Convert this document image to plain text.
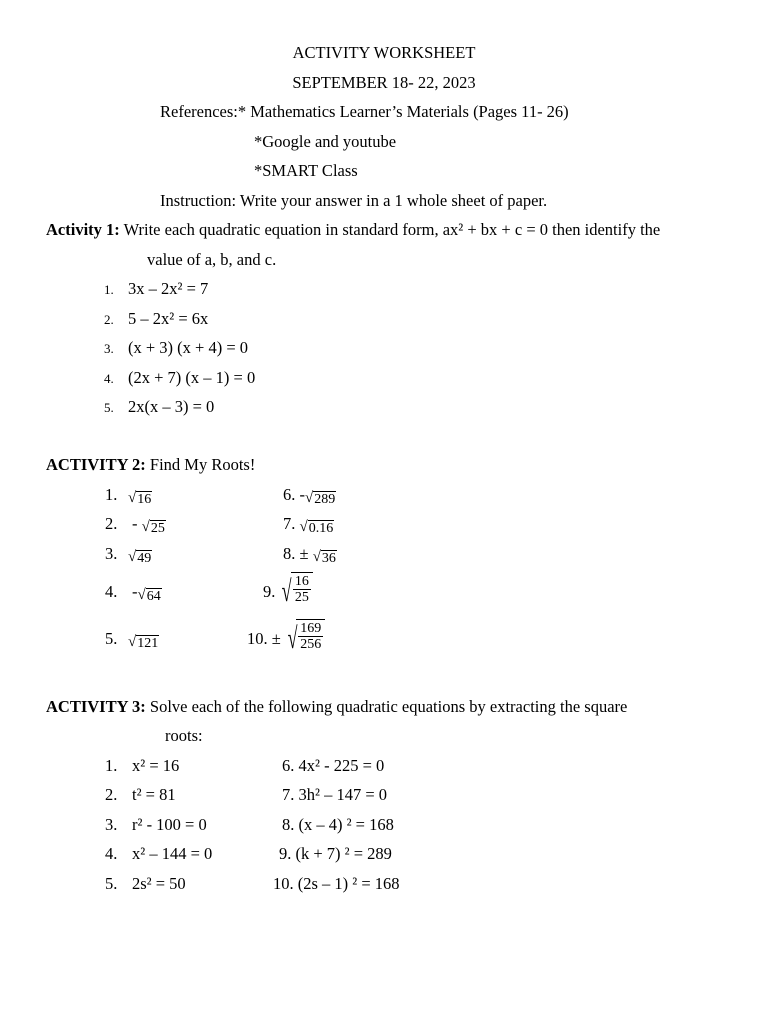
ACTIVITY WORKSHEET
SEPTEMBER 18- 22, 2023
References:* Mathematics Learner’s Materials (Pages 11- 26)
*Google and youtube
*SMART Class
Instruction: Write your answer in a 1 whole sheet of paper.
Activity 1: Write each quadratic equation in standard form, ax² + bx + c = 0 then identify the
value of a, b, and c.
1. 3x – 2x² = 7
2. 5 – 2x² = 6x
3. (x + 3) (x + 4) = 0
4. (2x + 7) (x – 1) = 0
5. 2x(x – 3) = 0
ACTIVITY 2: Find My Roots!
1. √ 16
2. - √ 25
3. √ 49
4. - √ 64
5. √ 121
6. - √ 289
7. √ 0.16
8. ± √ 36
9. √ $\frac{16}{25}$
10.
± √ $\frac{169}{256}$
ACTIVITY 3: Solve each of the following quadratic equations by extracting the square
roots:
1. x² = 16
2. t² = 81
3. r² - 100 = 0
4. x² – 144 = 0
5. 2s² = 50
6. 4x² - 225 = 0
7. 3h² – 147 = 0
8. (x – 4) ² = 168
9. (k + 7) ² = 289
10. (2s – 1) ² = 168
